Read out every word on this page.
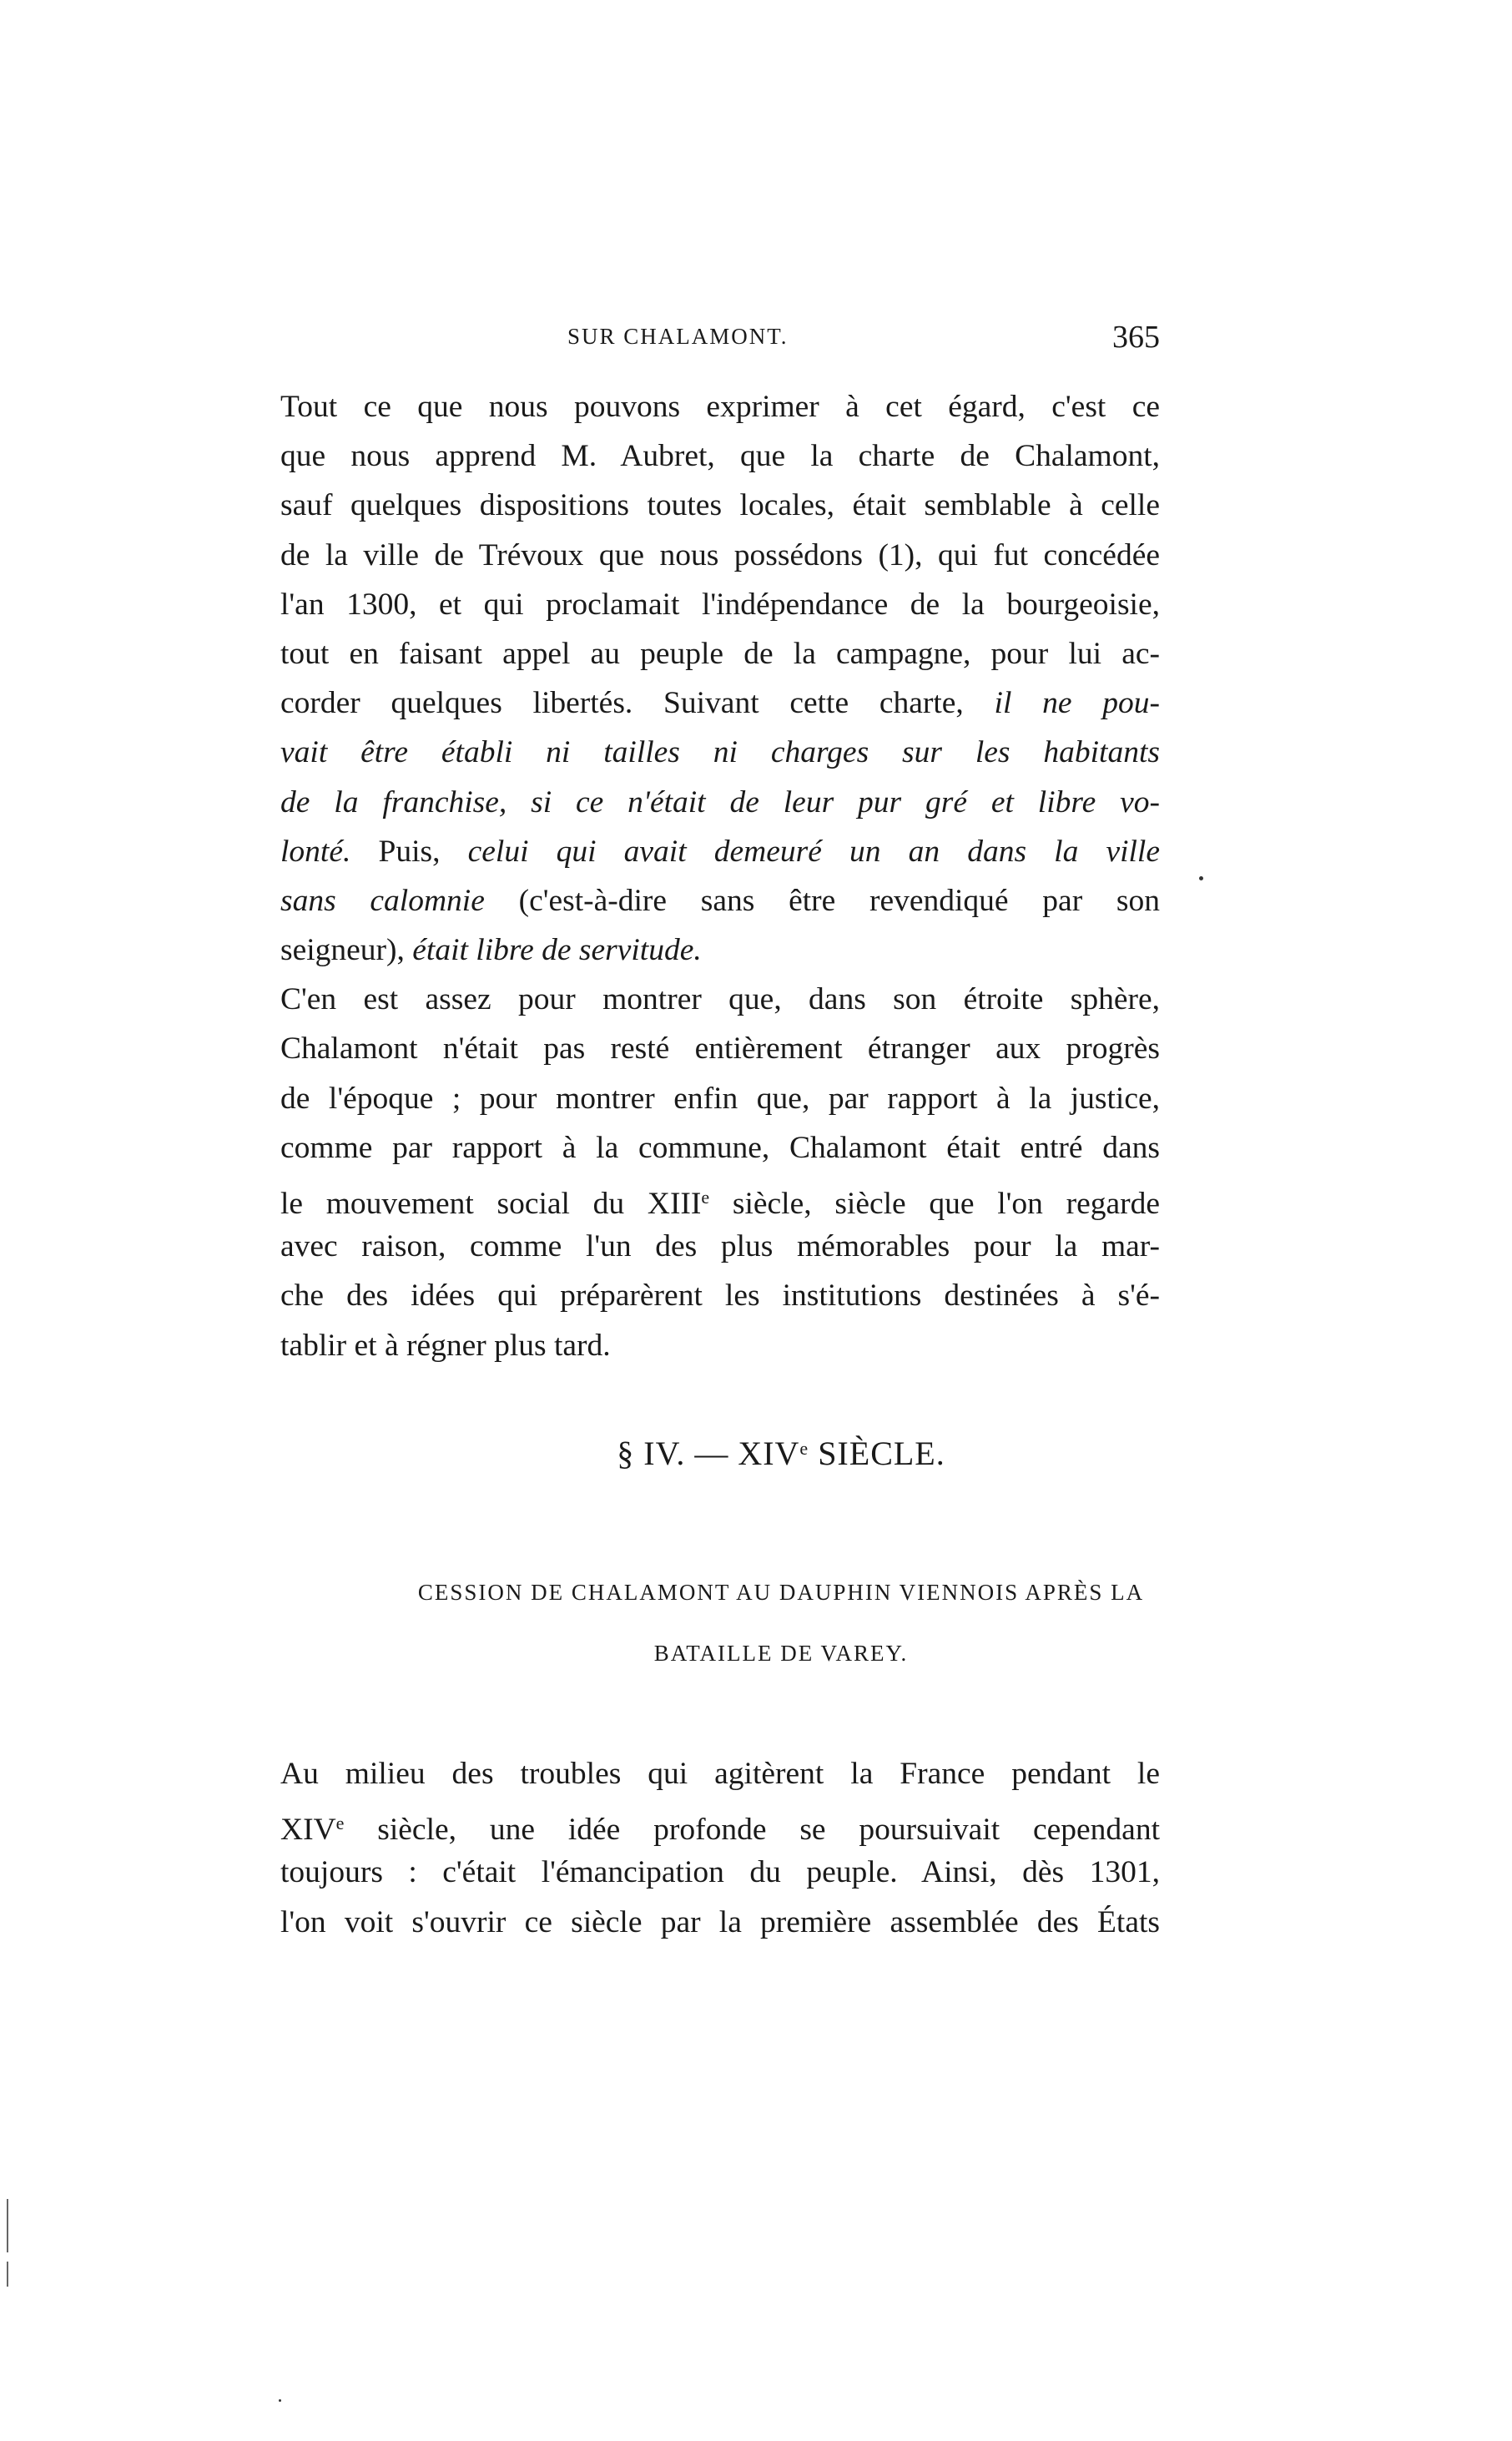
SUR CHALAMONT.	365
Tout ce que nous pouvons exprimer à cet égard, c'est ce
que nous apprend M. Aubret, que la charte de Chalamont,
sauf quelques dispositions toutes locales, était semblable à celle
de la ville de Trévoux que nous possédons (1), qui fut concédée
l'an 1300, et qui proclamait l'indépendance de la bourgeoisie,
tout en faisant appel au peuple de la campagne, pour lui ac-
corder quelques libertés. Suivant cette charte, il ne pou-
vait être établi ni tailles ni charges sur les habitants
de la franchise, si ce n'était de leur pur gré et libre vo-
lonté. Puis, celui qui avait demeuré un an dans la ville
sans calomnie (c'est-à-dire sans être revendiqué par son
seigneur), était libre de servitude.
C'en est assez pour montrer que, dans son étroite sphère,
Chalamont n'était pas resté entièrement étranger aux progrès
de l'époque ; pour montrer enfin que, par rapport à la justice,
comme par rapport à la commune, Chalamont était entré dans
le mouvement social du XIIIe siècle, siècle que l'on regarde
avec raison, comme l'un des plus mémorables pour la mar-
che des idées qui préparèrent les institutions destinées à s'é-
tablir et à régner plus tard.
§ IV. — XIVe SIÈCLE.
CESSION DE CHALAMONT AU DAUPHIN VIENNOIS APRÈS LA
BATAILLE DE VAREY.
Au milieu des troubles qui agitèrent la France pendant le
XIVe siècle, une idée profonde se poursuivait cependant
toujours : c'était l'émancipation du peuple. Ainsi, dès 1301,
l'on voit s'ouvrir ce siècle par la première assemblée des États
